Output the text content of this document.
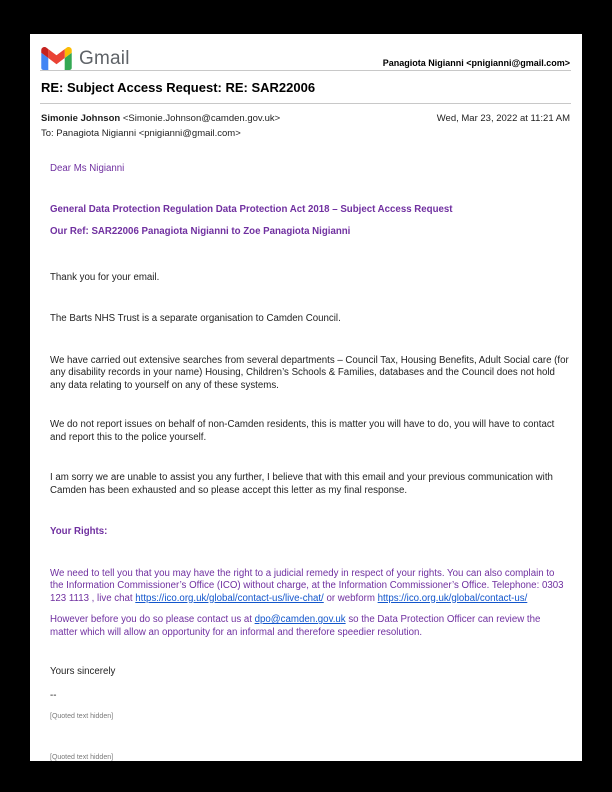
Gmail	Panagiota Nigianni <pnigianni@gmail.com>
RE: Subject Access Request: RE: SAR22006
Simonie Johnson <Simonie.Johnson@camden.gov.uk>	Wed, Mar 23, 2022 at 11:21 AM
To: Panagiota Nigianni <pnigianni@gmail.com>

Dear Ms Nigianni

General Data Protection Regulation Data Protection Act 2018 – Subject Access Request

Our Ref: SAR22006 Panagiota Nigianni to Zoe Panagiota Nigianni

Thank you for your email.

The Barts NHS Trust is a separate organisation to Camden Council.

We have carried out extensive searches from several departments – Council Tax, Housing Benefits, Adult Social care (for any disability records in your name) Housing, Children’s Schools & Families, databases and the Council does not hold any data relating to yourself on any of these systems.

We do not report issues on behalf of non-Camden residents, this is matter you will have to do, you will have to contact and report this to the police yourself.

I am sorry we are unable to assist you any further, I believe that with this email and your previous communication with Camden has been exhausted and so please accept this letter as my final response.

Your Rights:

We need to tell you that you may have the right to a judicial remedy in respect of your rights. You can also complain to the Information Commissioner’s Office (ICO) without charge, at the Information Commissioner’s Office. Telephone: 0303 123 1113 , live chat https://ico.org.uk/global/contact-us/live-chat/ or webform https://ico.org.uk/global/contact-us/

However before you do so please contact us at dpo@camden.gov.uk so the Data Protection Officer can review the matter which will allow an opportunity for an informal and therefore speedier resolution.

Yours sincerely

--

[Quoted text hidden]

[Quoted text hidden]
